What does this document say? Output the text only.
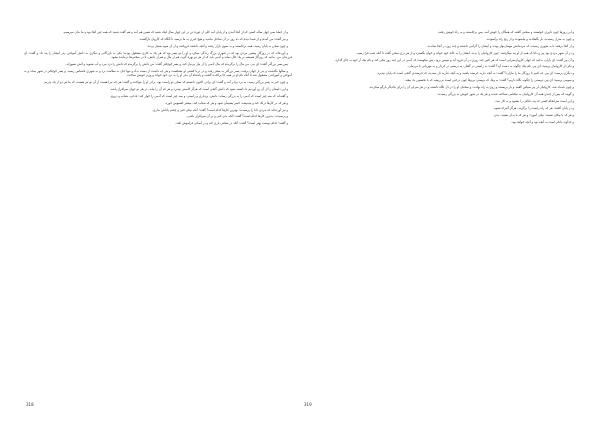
و از جملهٔ سی چهار ساله کسی که از آنجا آمدی و از پایان آمد کلی از غوره تن در این چهار سال لیکه شنید که همین هم آمد و هم گفت شنید که همه چیز آنجا بود و ما بدان میرسیم.

و نیز گفت: من آمدم و از شما دیدم که ده روز در آن ساحل ماندید و هیچ خبری به ما نرسید تا آنگاه که کاروان بازگشت.

و چون سخن به پایان رسید، همه برخاستند و به سوی بازار رفتند و آنچه داشتند فروختند و از آن سود بسیار بردند.

و آورده‌اند که در روزگار پیشین مردی بود که در شهری بزرگ زندگی میکرد و او را دو پسر بود که هر یک به کاری مشغول بودند؛ یکی به بازرگانی و دیگری به دانش آموختن. پدر ایشان را پند داد و گفت: ای فرزندان من، بدانید که روزگار همیشه بر یک حال نماند و آدمی باید که از هر دو بهره گیرد، هم از مال و هم از دانش، تا در سختی‌ها درمانده نشود.

پس پسر بزرگتر گفت: ای پدر، من مال را برگزیدم که مال آدمی را از نیاز بی‌نیاز کند. و پسر کوچکتر گفت: من دانش را برگزیدم که دانش را دزد نبرد و آب نشوید و آتش نسوزاند.

و سالها بگذشت و پدر از جهان برفت. پسر بزرگتر به سفر رفت و در دریا کشتی او بشکست و هر چه داشت از دست بداد و تنها جان به سلامت برد و به شهری ناشناس رسید. و پسر کوچکتر در شهر بماند و به آموختن و آموزاندن مشغول شد تا آنکه نام او در همه جا پراکنده گشت و پادشاه آن دیار او را به نزد خود خواند و وزیر خویش ساخت.

و چون خبر به پسر بزرگتر رسید، به نزد برادر آمد و گفت: ای برادر، اکنون دانستم که سخن تو راست بود. برادر او را بنواخت و گفت: هر چه مرا هست از آن تو نیز هست، که ما هر دو از یک پدریم.

و این داستان را از آن رو آوردیم تا دانسته شود که دانش گنجی است که هرگز کاستی نپذیرد و هر که آن را بیابد، در هر دو جهان سرافراز باشد.

و گفته‌اند که سه چیز است که آدمی را به بزرگی رساند: دانش، بردباری و راستی. و سه چیز است که آدمی را خوار کند: نادانی، شتاب و دروغ.

و هر که در کارها درنگ کند و بیندیشد، کمتر پشیمان شود و هر که شتاب کند، بیشتر افسوس خورد.

و نیز آورده‌اند که مردی دانا را پرسیدند: بهترین کارها کدام است؟ گفت: آنکه نیکی کنی و چشم پاداش نداری.

و پرسیدند: بدترین کارها کدام است؟ گفت: آنکه بدی کنی و بر آن سرافراز باشی.

و گفتند: کدام دوست بهتر است؟ گفت: آنکه در سختی یاری کند و در آسانی فراموش نکند.

و این روزها چون داوری خواستند و سخنی گفتند که همگان را خوش آمد، پس برخاستند و به راه خویش رفتند.

و چون به منزل رسیدند، بار بگشادند و بیاسودند و از رنج راه برآسودند.

و از آنجا برفتند تا به شهری رسیدند که مردمانش مهمان‌نواز بودند و ایشان را گرامی داشتند و چند روز در آنجا بماندند.

و در آن شهر مردی بود پیر و دانا که همه از او پند میگرفتند. چون کاروانیان را بدید، ایشان را به خانهٔ خود خواند و خوان بگسترد و از هر دری سخن گفت تا آنکه شب فرا رسید.

و آن پیر گفت: ای یاران، بدانید که جهان کاروان‌سرایی است که هر کس چند روزی در آن فرود آید و سپس برود. پس نیکوست که آدمی در این چند روز نیکی کند و نام نیک از خود به جای گذارد.

و یکی از کاروانیان پرسید: ای پیر، نام نیک چگونه به دست آید؟ گفت: به راستی در گفتار، به درستی در کردار و به مهربانی با مردمان.

و دیگری پرسید: ای پیر، چه کنیم تا روزگار ما را نیازارد؟ گفت: به آنچه دارید خرسند باشید و به آنچه ندارید دل مبندید، که خرسندی گنجی است که پایان نپذیرد.

و سومی پرسید: ای پیر، دوستی را چگونه نگاه داریم؟ گفت: به وفا، که دوستی بی‌وفا چون درختی است بی‌ریشه که با نخستین باد بیفتد.

و چون بامداد شد، کاروانیان از پیر سپاس گفتند و بار بربستند و روی به راه نهادند، و سخنان او را در دل نگاه داشتند و در هر منزلی آن را برای یکدیگر بازگو میکردند.

و گویند که پس از چندی همه آن کاروانیان به نیکنامی شناخته شدند و هر یک در شهر خویش به بزرگی رسیدند.

و این است سرانجام کسی که پند دانایان را بشنود و به کار بندد.

و در پایان گفتند: هر که راه راست را برگزیند، هرگز گمراه نشود.

و هر که با نیکان نشیند، نیکی آموزد؛ و هر که با بدان نشیند، بدی.

و خداوند داناتر است به آنچه بود و آنچه خواهد بود.

318	319
